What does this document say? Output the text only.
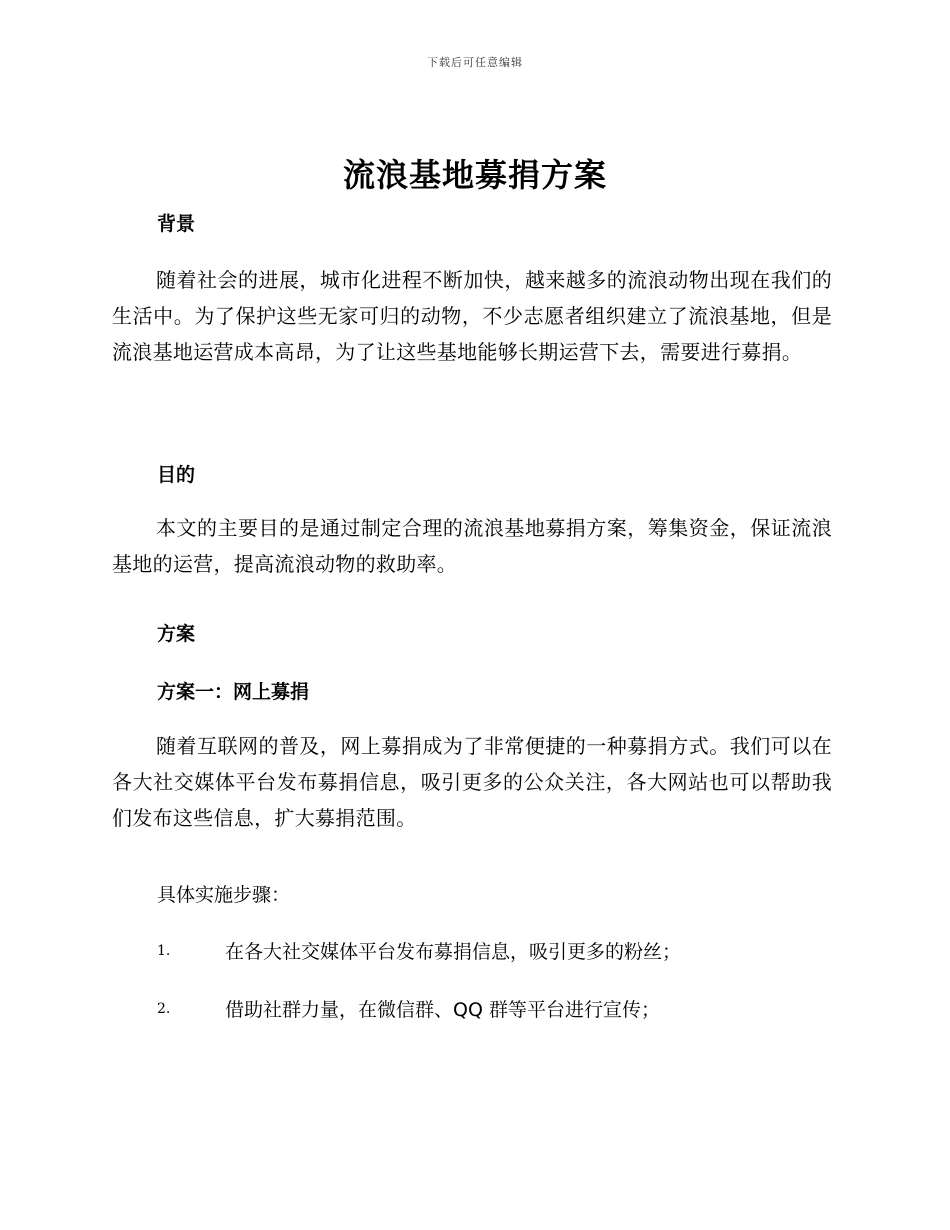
下载后可任意编辑
流浪基地募捐方案
背景
随着社会的进展，城市化进程不断加快，越来越多的流浪动物出现在我们的生活中。为了保护这些无家可归的动物，不少志愿者组织建立了流浪基地，但是流浪基地运营成本高昂，为了让这些基地能够长期运营下去，需要进行募捐。
目的
本文的主要目的是通过制定合理的流浪基地募捐方案，筹集资金，保证流浪基地的运营，提高流浪动物的救助率。
方案
方案一：网上募捐
随着互联网的普及，网上募捐成为了非常便捷的一种募捐方式。我们可以在各大社交媒体平台发布募捐信息，吸引更多的公众关注，各大网站也可以帮助我们发布这些信息，扩大募捐范围。
具体实施步骤：
1.	在各大社交媒体平台发布募捐信息，吸引更多的粉丝；
2.	借助社群力量，在微信群、QQ 群等平台进行宣传；
